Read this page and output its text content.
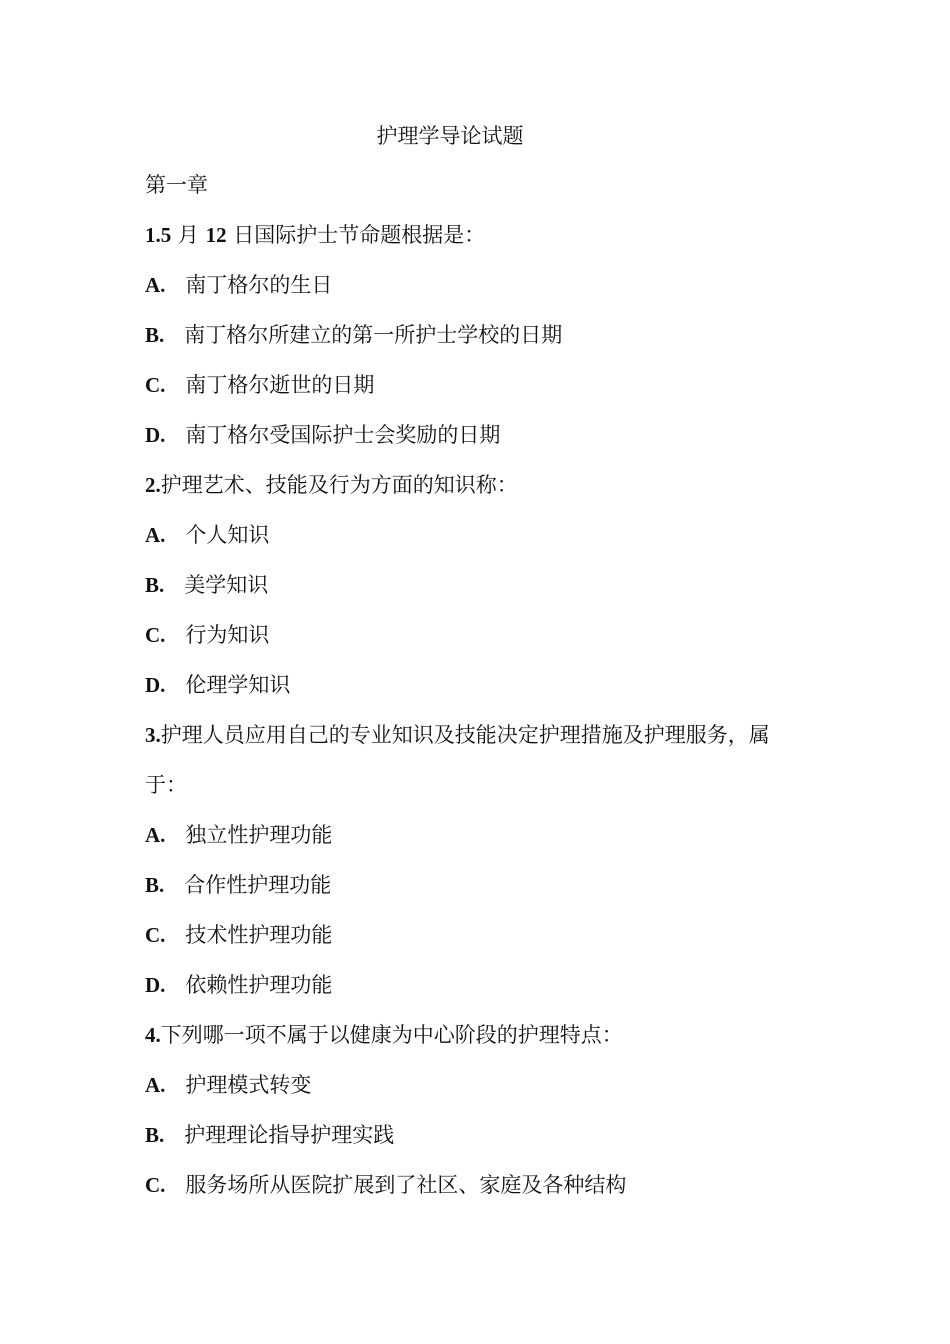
护理学导论试题
第一章
1.5 月 12 日国际护士节命题根据是：
A. 南丁格尔的生日
B. 南丁格尔所建立的第一所护士学校的日期
C. 南丁格尔逝世的日期
D. 南丁格尔受国际护士会奖励的日期
2.护理艺术、技能及行为方面的知识称：
A. 个人知识
B. 美学知识
C. 行为知识
D. 伦理学知识
3.护理人员应用自己的专业知识及技能决定护理措施及护理服务，属
于：
A. 独立性护理功能
B. 合作性护理功能
C. 技术性护理功能
D. 依赖性护理功能
4.下列哪一项不属于以健康为中心阶段的护理特点：
A. 护理模式转变
B. 护理理论指导护理实践
C. 服务场所从医院扩展到了社区、家庭及各种结构
